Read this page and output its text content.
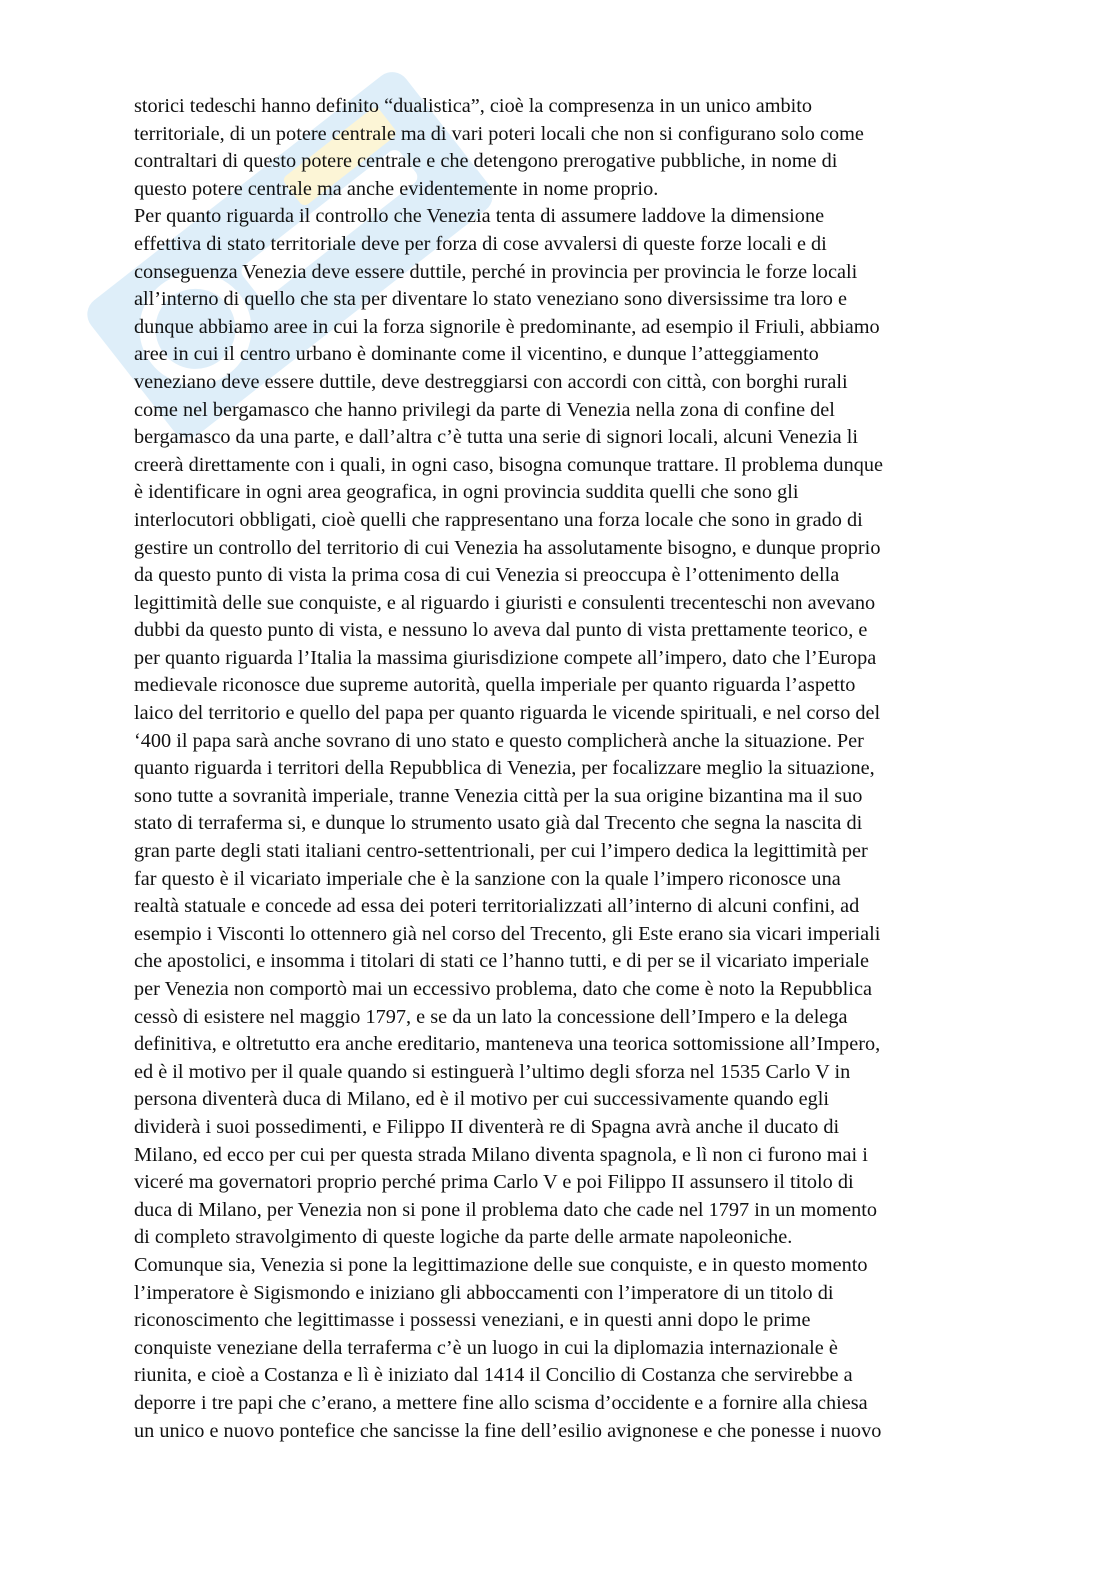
storici tedeschi hanno definito “dualistica”, cioè la compresenza in un unico ambito
territoriale, di un potere centrale ma di vari poteri locali che non si configurano solo come
contraltari di questo potere centrale e che detengono prerogative pubbliche, in nome di
questo potere centrale ma anche evidentemente in nome proprio.
Per quanto riguarda il controllo che Venezia tenta di assumere laddove la dimensione
effettiva di stato territoriale deve per forza di cose avvalersi di queste forze locali e di
conseguenza Venezia deve essere duttile, perché in provincia per provincia le forze locali
all’interno di quello che sta per diventare lo stato veneziano sono diversissime tra loro e
dunque abbiamo aree in cui la forza signorile è predominante, ad esempio il Friuli, abbiamo
aree in cui il centro urbano è dominante come il vicentino, e dunque l’atteggiamento
veneziano deve essere duttile, deve destreggiarsi con accordi con città, con borghi rurali
come nel bergamasco che hanno privilegi da parte di Venezia nella zona di confine del
bergamasco da una parte, e dall’altra c’è tutta una serie di signori locali, alcuni Venezia li
creerà direttamente con i quali, in ogni caso, bisogna comunque trattare. Il problema dunque
è identificare in ogni area geografica, in ogni provincia suddita quelli che sono gli
interlocutori obbligati, cioè quelli che rappresentano una forza locale che sono in grado di
gestire un controllo del territorio di cui Venezia ha assolutamente bisogno, e dunque proprio
da questo punto di vista la prima cosa di cui Venezia si preoccupa è l’ottenimento della
legittimità delle sue conquiste, e al riguardo i giuristi e consulenti trecenteschi non avevano
dubbi da questo punto di vista, e nessuno lo aveva dal punto di vista prettamente teorico, e
per quanto riguarda l’Italia la massima giurisdizione compete all’impero, dato che l’Europa
medievale riconosce due supreme autorità, quella imperiale per quanto riguarda l’aspetto
laico del territorio e quello del papa per quanto riguarda le vicende spirituali, e nel corso del
‘400 il papa sarà anche sovrano di uno stato e questo complicherà anche la situazione. Per
quanto riguarda i territori della Repubblica di Venezia, per focalizzare meglio la situazione,
sono tutte a sovranità imperiale, tranne Venezia città per la sua origine bizantina ma il suo
stato di terraferma si, e dunque lo strumento usato già dal Trecento che segna la nascita di
gran parte degli stati italiani centro-settentrionali, per cui l’impero dedica la legittimità per
far questo è il vicariato imperiale che è la sanzione con la quale l’impero riconosce una
realtà statuale e concede ad essa dei poteri territorializzati all’interno di alcuni confini, ad
esempio i Visconti lo ottennero già nel corso del Trecento, gli Este erano sia vicari imperiali
che apostolici, e insomma i titolari di stati ce l’hanno tutti, e di per se il vicariato imperiale
per Venezia non comportò mai un eccessivo problema, dato che come è noto la Repubblica
cessò di esistere nel maggio 1797, e se da un lato la concessione dell’Impero e la delega
definitiva, e oltretutto era anche ereditario, manteneva una teorica sottomissione all’Impero,
ed è il motivo per il quale quando si estinguerà l’ultimo degli sforza nel 1535 Carlo V in
persona diventerà duca di Milano, ed è il motivo per cui successivamente quando egli
dividerà i suoi possedimenti, e Filippo II diventerà re di Spagna avrà anche il ducato di
Milano, ed ecco per cui per questa strada Milano diventa spagnola, e lì non ci furono mai i
viceré ma governatori proprio perché prima Carlo V e poi Filippo II assunsero il titolo di
duca di Milano, per Venezia non si pone il problema dato che cade nel 1797 in un momento
di completo stravolgimento di queste logiche da parte delle armate napoleoniche.
Comunque sia, Venezia si pone la legittimazione delle sue conquiste, e in questo momento
l’imperatore è Sigismondo e iniziano gli abboccamenti con l’imperatore di un titolo di
riconoscimento che legittimasse i possessi veneziani, e in questi anni dopo le prime
conquiste veneziane della terraferma c’è un luogo in cui la diplomazia internazionale è
riunita, e cioè a Costanza e lì è iniziato dal 1414 il Concilio di Costanza che servirebbe a
deporre i tre papi che c’erano, a mettere fine allo scisma d’occidente e a fornire alla chiesa
un unico e nuovo pontefice che sancisse la fine dell’esilio avignonese e che ponesse i nuovo
